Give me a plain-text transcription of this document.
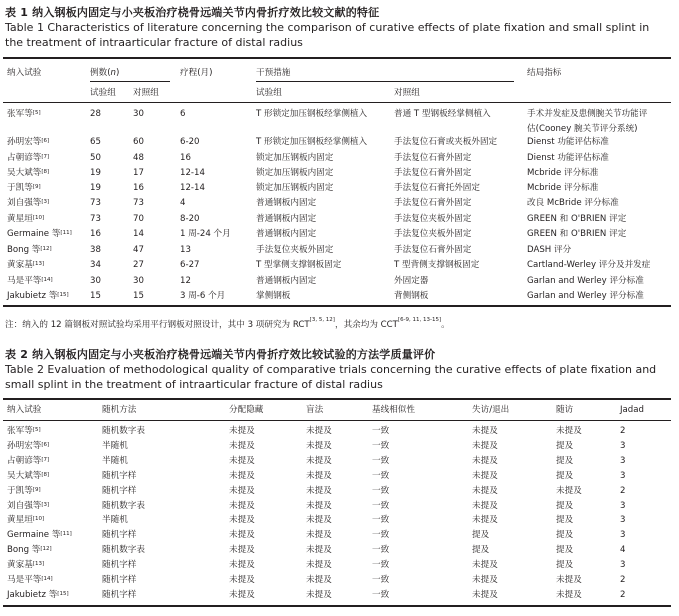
表 1 纳入钢板内固定与小夹板治疗桡骨远端关节内骨折疗效比较文献的特征
Table 1 Characteristics of literature concerning the comparison of curative effects of plate fixation and small splint in the treatment of intraarticular fracture of distal radius
纳入试验	例数(n)	疗程(月)	干预措施	结局指标
试验组 对照组	试验组	对照组
张军等[5]	28	30	6	T 形锁定加压钢板经掌侧植入	普通 T 型钢板经掌侧植入	手术并发症及患侧腕关节功能评
估(Cooney 腕关节评分系统)
孙明宏等[6]	65	60	6-20	T 形锁定加压钢板经掌侧植入	手法复位石膏或夹板外固定	Dienst 功能评估标准
占朝谚等[7]	50	48	16	锁定加压钢板内固定	手法复位石膏外固定	Dienst 功能评估标准
吴大斌等[8]	19	17	12-14	锁定加压钢板内固定	手法复位石膏外固定	Mcbride 评分标准
于凯等[9]	19	16	12-14	锁定加压钢板内固定	手法复位石膏托外固定	Mcbride 评分标准
刘自强等[3]	73	73	4	普通钢板内固定	手法复位石膏外固定	改良 McBride 评分标准
黄星垣[10]	73	70	8-20	普通钢板内固定	手法复位夹板外固定	GREEN 和 O'BRIEN 评定
Germaine 等[11] 16	14	1 周-24 个月	普通钢板内固定	手法复位夹板外固定	GREEN 和 O'BRIEN 评定
Bong 等[12]	38	47	13	手法复位夹板外固定	手法复位石膏外固定	DASH 评分
黄家基[13]	34	27	6-27	T 型掌侧支撑钢板固定	T 型背侧支撑钢板固定	Cartland-Werley 评分及并发症
马是平等[14]	30	30	12	普通钢板内固定	外固定器	Garlan and Werley 评分标准
Jakubietz 等[15] 15	15	3 周-6 个月	掌侧钢板	背侧钢板	Garlan and Werley 评分标准
注：纳入的 12 篇钢板对照试验均采用平行钢板对照设计，其中 3 项研究为 RCT[3, 5, 12]，其余均为 CCT[6-9, 11, 13-15]。
表 2 纳入钢板内固定与小夹板治疗桡骨远端关节内骨折疗效比较试验的方法学质量评价
Table 2 Evaluation of methodological quality of comparative trials concerning the curative effects of plate fixation and small splint in the treatment of intraarticular fracture of distal radius
纳入试验	随机方法	分配隐藏	盲法	基线相似性	失访/退出	随访	Jadad
张军等[5]	随机数字表	未提及	未提及	一致	未提及	未提及	2
孙明宏等[6]	半随机	未提及	未提及	一致	未提及	提及	3
占朝谚等[7]	半随机	未提及	未提及	一致	未提及	提及	3
吴大斌等[8]	随机字样	未提及	未提及	一致	未提及	提及	3
于凯等[9]	随机字样	未提及	未提及	一致	未提及	未提及	2
刘自强等[3]	随机数字表	未提及	未提及	一致	未提及	提及	3
黄星垣[10]	半随机	未提及	未提及	一致	未提及	提及	3
Germaine 等[11]	随机字样	未提及	未提及	一致	提及	提及	3
Bong 等[12]	随机数字表	未提及	未提及	一致	提及	提及	4
黄家基[13]	随机字样	未提及	未提及	一致	未提及	提及	3
马是平等[14]	随机字样	未提及	未提及	一致	未提及	未提及	2
Jakubietz 等[15]	随机字样	未提及	未提及	一致	未提及	未提及	2
